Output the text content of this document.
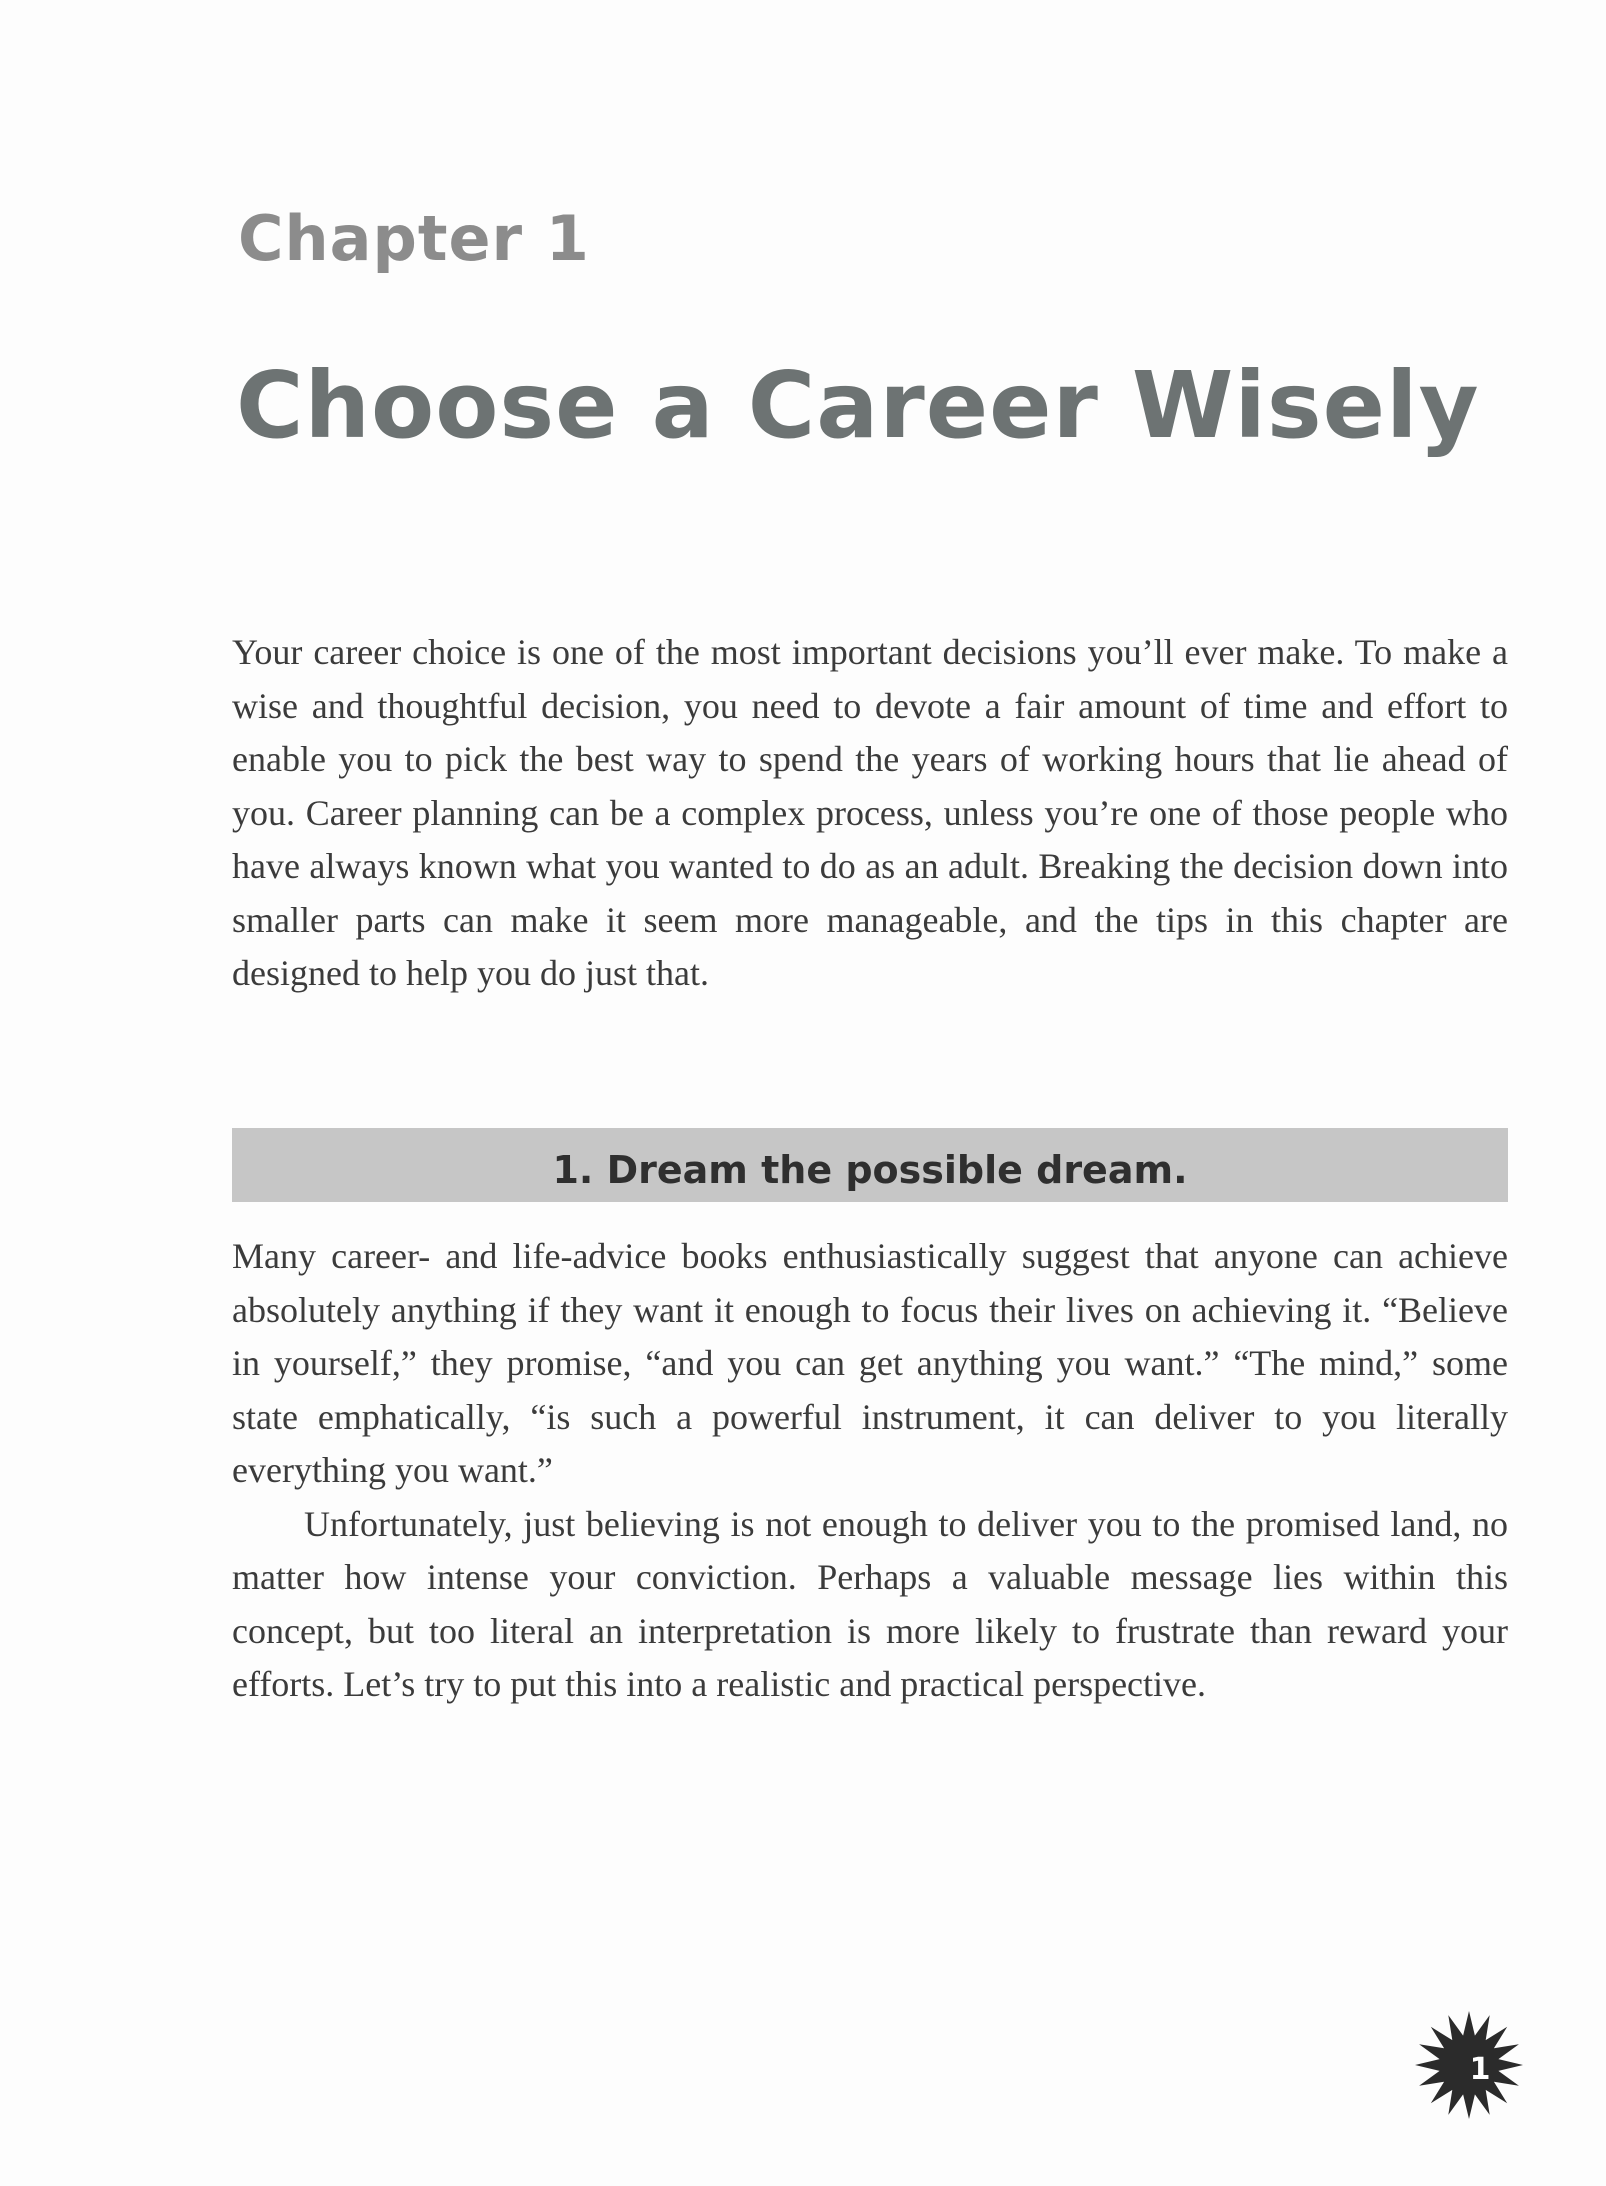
Chapter 1
Choose a Career Wisely

Your career choice is one of the most important decisions you’ll ever make. To make a wise and thoughtful decision, you need to devote a fair amount of time and effort to enable you to pick the best way to spend the years of working hours that lie ahead of you. Career planning can be a complex process, unless you’re one of those people who have always known what you wanted to do as an adult. Breaking the decision down into smaller parts can make it seem more manageable, and the tips in this chapter are designed to help you do just that.

1. Dream the possible dream.

Many career- and life-advice books enthusiastically suggest that anyone can achieve absolutely anything if they want it enough to focus their lives on achieving it. “Believe in yourself,” they promise, “and you can get anything you want.” “The mind,” some state emphatically, “is such a powerful instrument, it can deliver to you literally everything you want.”

Unfortunately, just believing is not enough to deliver you to the promised land, no matter how intense your conviction. Perhaps a valuable message lies within this concept, but too literal an interpretation is more likely to frustrate than reward your efforts. Let’s try to put this into a realistic and practical perspective.

1
